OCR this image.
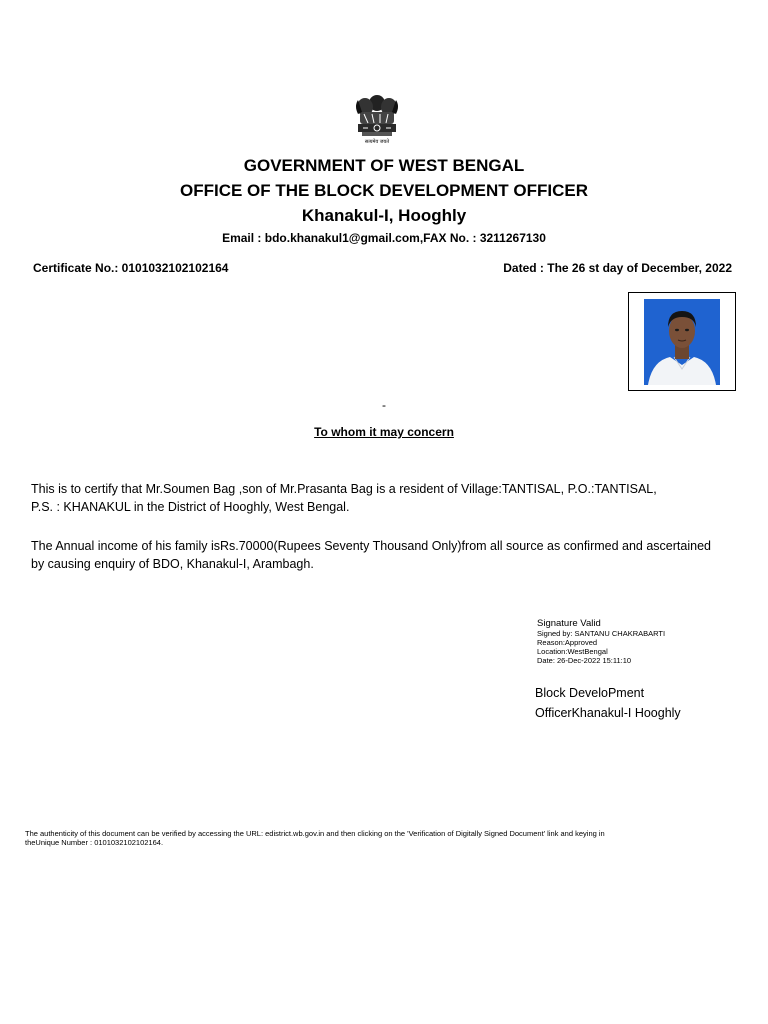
सत्यमेव जयते
GOVERNMENT OF WEST BENGAL
OFFICE OF THE BLOCK DEVELOPMENT OFFICER
Khanakul-I, Hooghly
Email : bdo.khanakul1@gmail.com,FAX No. : 3211267130
Certificate No.: 0101032102102164	Dated : The 26 st day of December, 2022
-
To whom it may concern
This is to certify that Mr.Soumen Bag ,son of Mr.Prasanta Bag is a resident of Village:TANTISAL, P.O.:TANTISAL,
P.S. : KHANAKUL in the District of Hooghly, West Bengal.
The Annual income of his family isRs.70000(Rupees Seventy Thousand Only)from all source as confirmed and ascertained
by causing enquiry of BDO, Khanakul-I, Arambagh.
Signature Valid
Signed by: SANTANU CHAKRABARTI
Reason:Approved
Location:WestBengal
Date: 26-Dec-2022 15:11:10
Block DeveloPment
OfficerKhanakul-I Hooghly
The authenticity of this document can be verified by accessing the URL: edistrict.wb.gov.in and then clicking on the 'Verification of Digitally Signed Document' link and keying in
theUnique Number : 0101032102102164.
